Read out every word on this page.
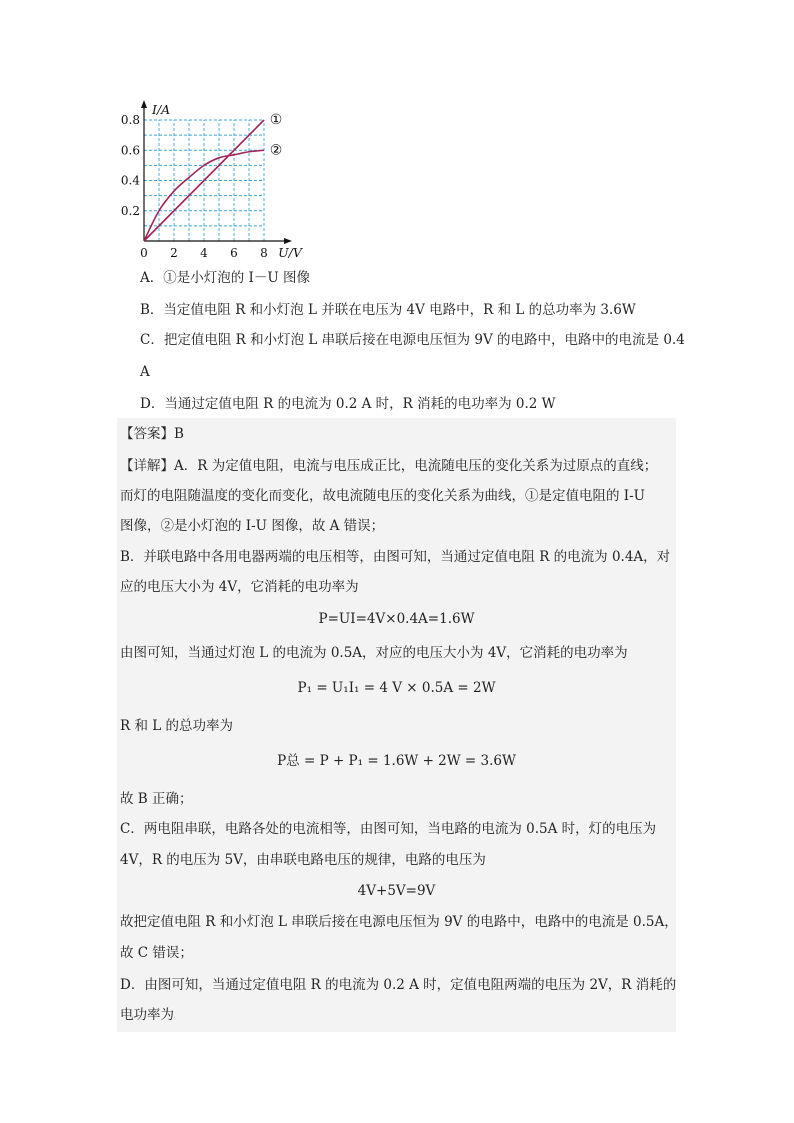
0 2 4 6 8
0.2
0.4
0.6
0.8
U/V
I/A
①
②
A．①是小灯泡的 I－U 图像
B．当定值电阻 R 和小灯泡 L 并联在电压为 4V 电路中，R 和 L 的总功率为 3.6W
C．把定值电阻 R 和小灯泡 L 串联后接在电源电压恒为 9V 的电路中，电路中的电流是 0.4
A
D．当通过定值电阻 R 的电流为 0.2 A 时，R 消耗的电功率为 0.2 W
【答案】B
【详解】A．R 为定值电阻，电流与电压成正比，电流随电压的变化关系为过原点的直线；
而灯的电阻随温度的变化而变化，故电流随电压的变化关系为曲线，①是定值电阻的 I-U
图像，②是小灯泡的 I-U 图像，故 A 错误；
B．并联电路中各用电器两端的电压相等，由图可知，当通过定值电阻 R 的电流为 0.4A，对
应的电压大小为 4V，它消耗的电功率为
P=UI=4V×0.4A=1.6W
由图可知，当通过灯泡 L 的电流为 0.5A，对应的电压大小为 4V，它消耗的电功率为
P₁ = U₁I₁ = 4 V × 0.5A = 2W
R 和 L 的总功率为
P总 = P + P₁ = 1.6W + 2W = 3.6W
故 B 正确；
C．两电阻串联，电路各处的电流相等，由图可知，当电路的电流为 0.5A 时，灯的电压为
4V，R 的电压为 5V，由串联电路电压的规律，电路的电压为
4V+5V=9V
故把定值电阻 R 和小灯泡 L 串联后接在电源电压恒为 9V 的电路中，电路中的电流是 0.5A，
故 C 错误；
D．由图可知，当通过定值电阻 R 的电流为 0.2 A 时，定值电阻两端的电压为 2V，R 消耗的
电功率为
